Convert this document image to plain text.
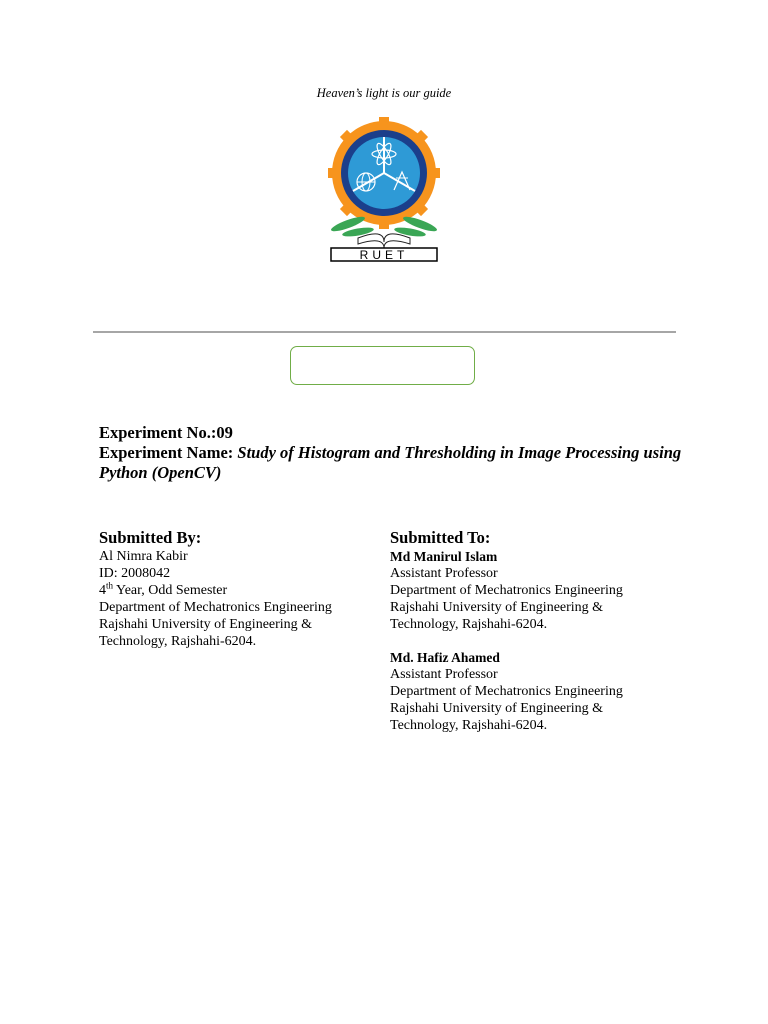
Heaven’s light is our guide
RUET
Experiment No.:09
Experiment Name: Study of Histogram and Thresholding in Image Processing using Python (OpenCV)
Submitted By:
Al Nimra Kabir
ID: 2008042
4th Year, Odd Semester
Department of Mechatronics Engineering
Rajshahi University of Engineering &
Technology, Rajshahi-6204.
Submitted To:
Md Manirul Islam
Assistant Professor
Department of Mechatronics Engineering
Rajshahi University of Engineering &
Technology, Rajshahi-6204.
Md. Hafiz Ahamed
Assistant Professor
Department of Mechatronics Engineering
Rajshahi University of Engineering &
Technology, Rajshahi-6204.
